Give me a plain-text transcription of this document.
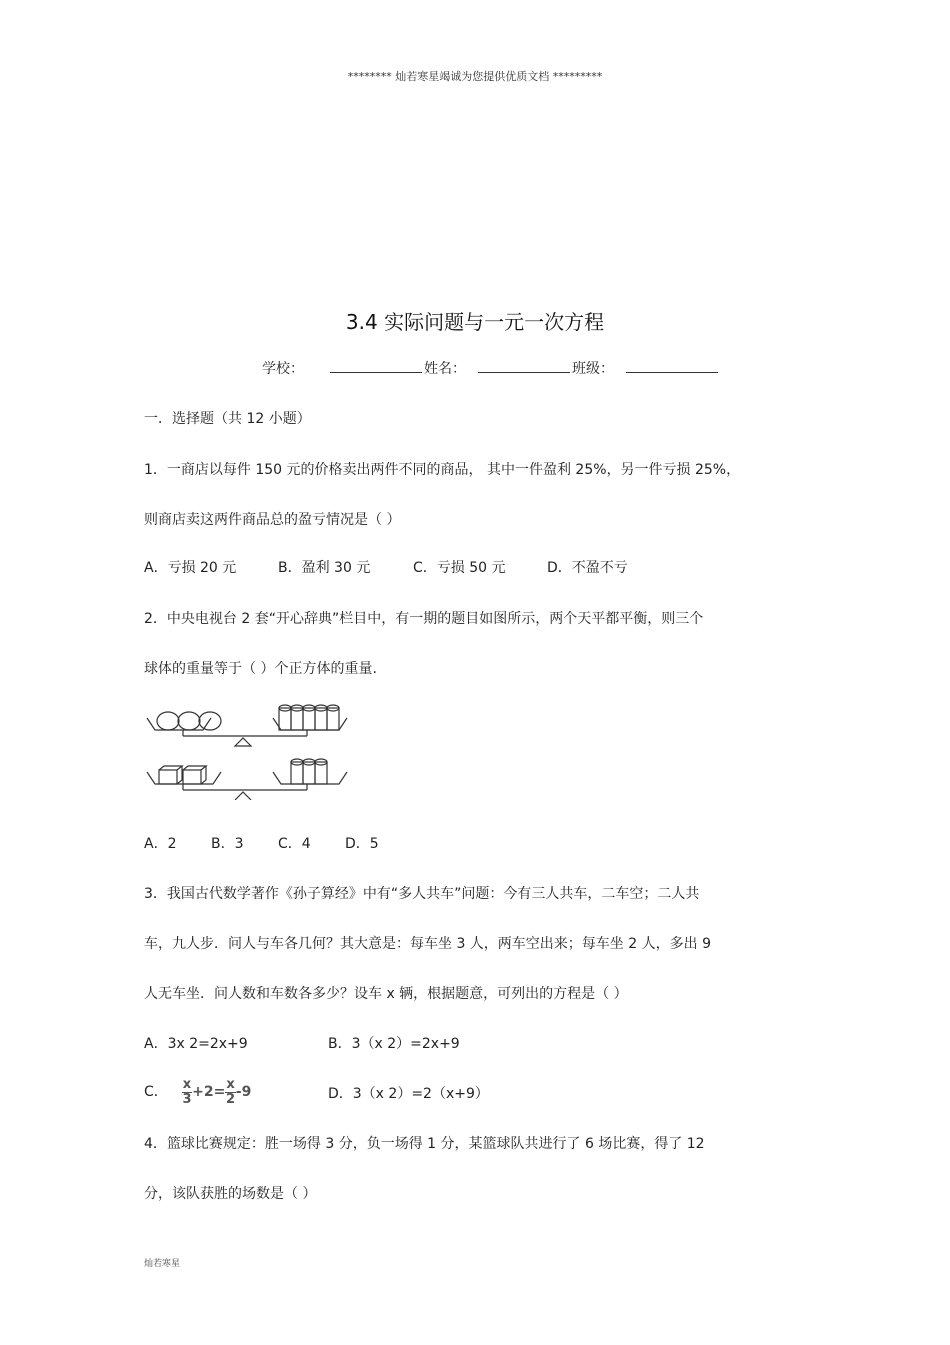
******** 灿若寒星竭诚为您提供优质文档 *********
3.4 实际问题与一元一次方程
学校：	姓名：	班级：
一．选择题（共 12 小题）
1．一商店以每件 150 元的价格卖出两件不同的商品， 其中一件盈利 25%，另一件亏损 25%，
则商店卖这两件商品总的盈亏情况是（ ）
A．亏损 20 元	B．盈利 30 元	C．亏损 50 元	D．不盈不亏
2．中央电视台 2 套“开心辞典”栏目中，有一期的题目如图所示，两个天平都平衡，则三个
球体的重量等于（ ）个正方体的重量.
A．2 B．3 C．4 D．5
3．我国古代数学著作《孙子算经》中有“多人共车”问题：今有三人共车，二车空；二人共
车，九人步．问人与车各几何？其大意是：每车坐 3 人，两车空出来；每车坐 2 人，多出 9
人无车坐．问人数和车数各多少？设车 x 辆，根据题意，可列出的方程是（ ）
A．3x 2=2x+9	B．3（x 2）=2x+9
C． $\frac{x}{3} +2= \frac{x}{2} -9$	D．3（x 2）=2（x+9）
4．篮球比赛规定：胜一场得 3 分，负一场得 1 分，某篮球队共进行了 6 场比赛，得了 12
分，该队获胜的场数是（ ）
灿若寒星
